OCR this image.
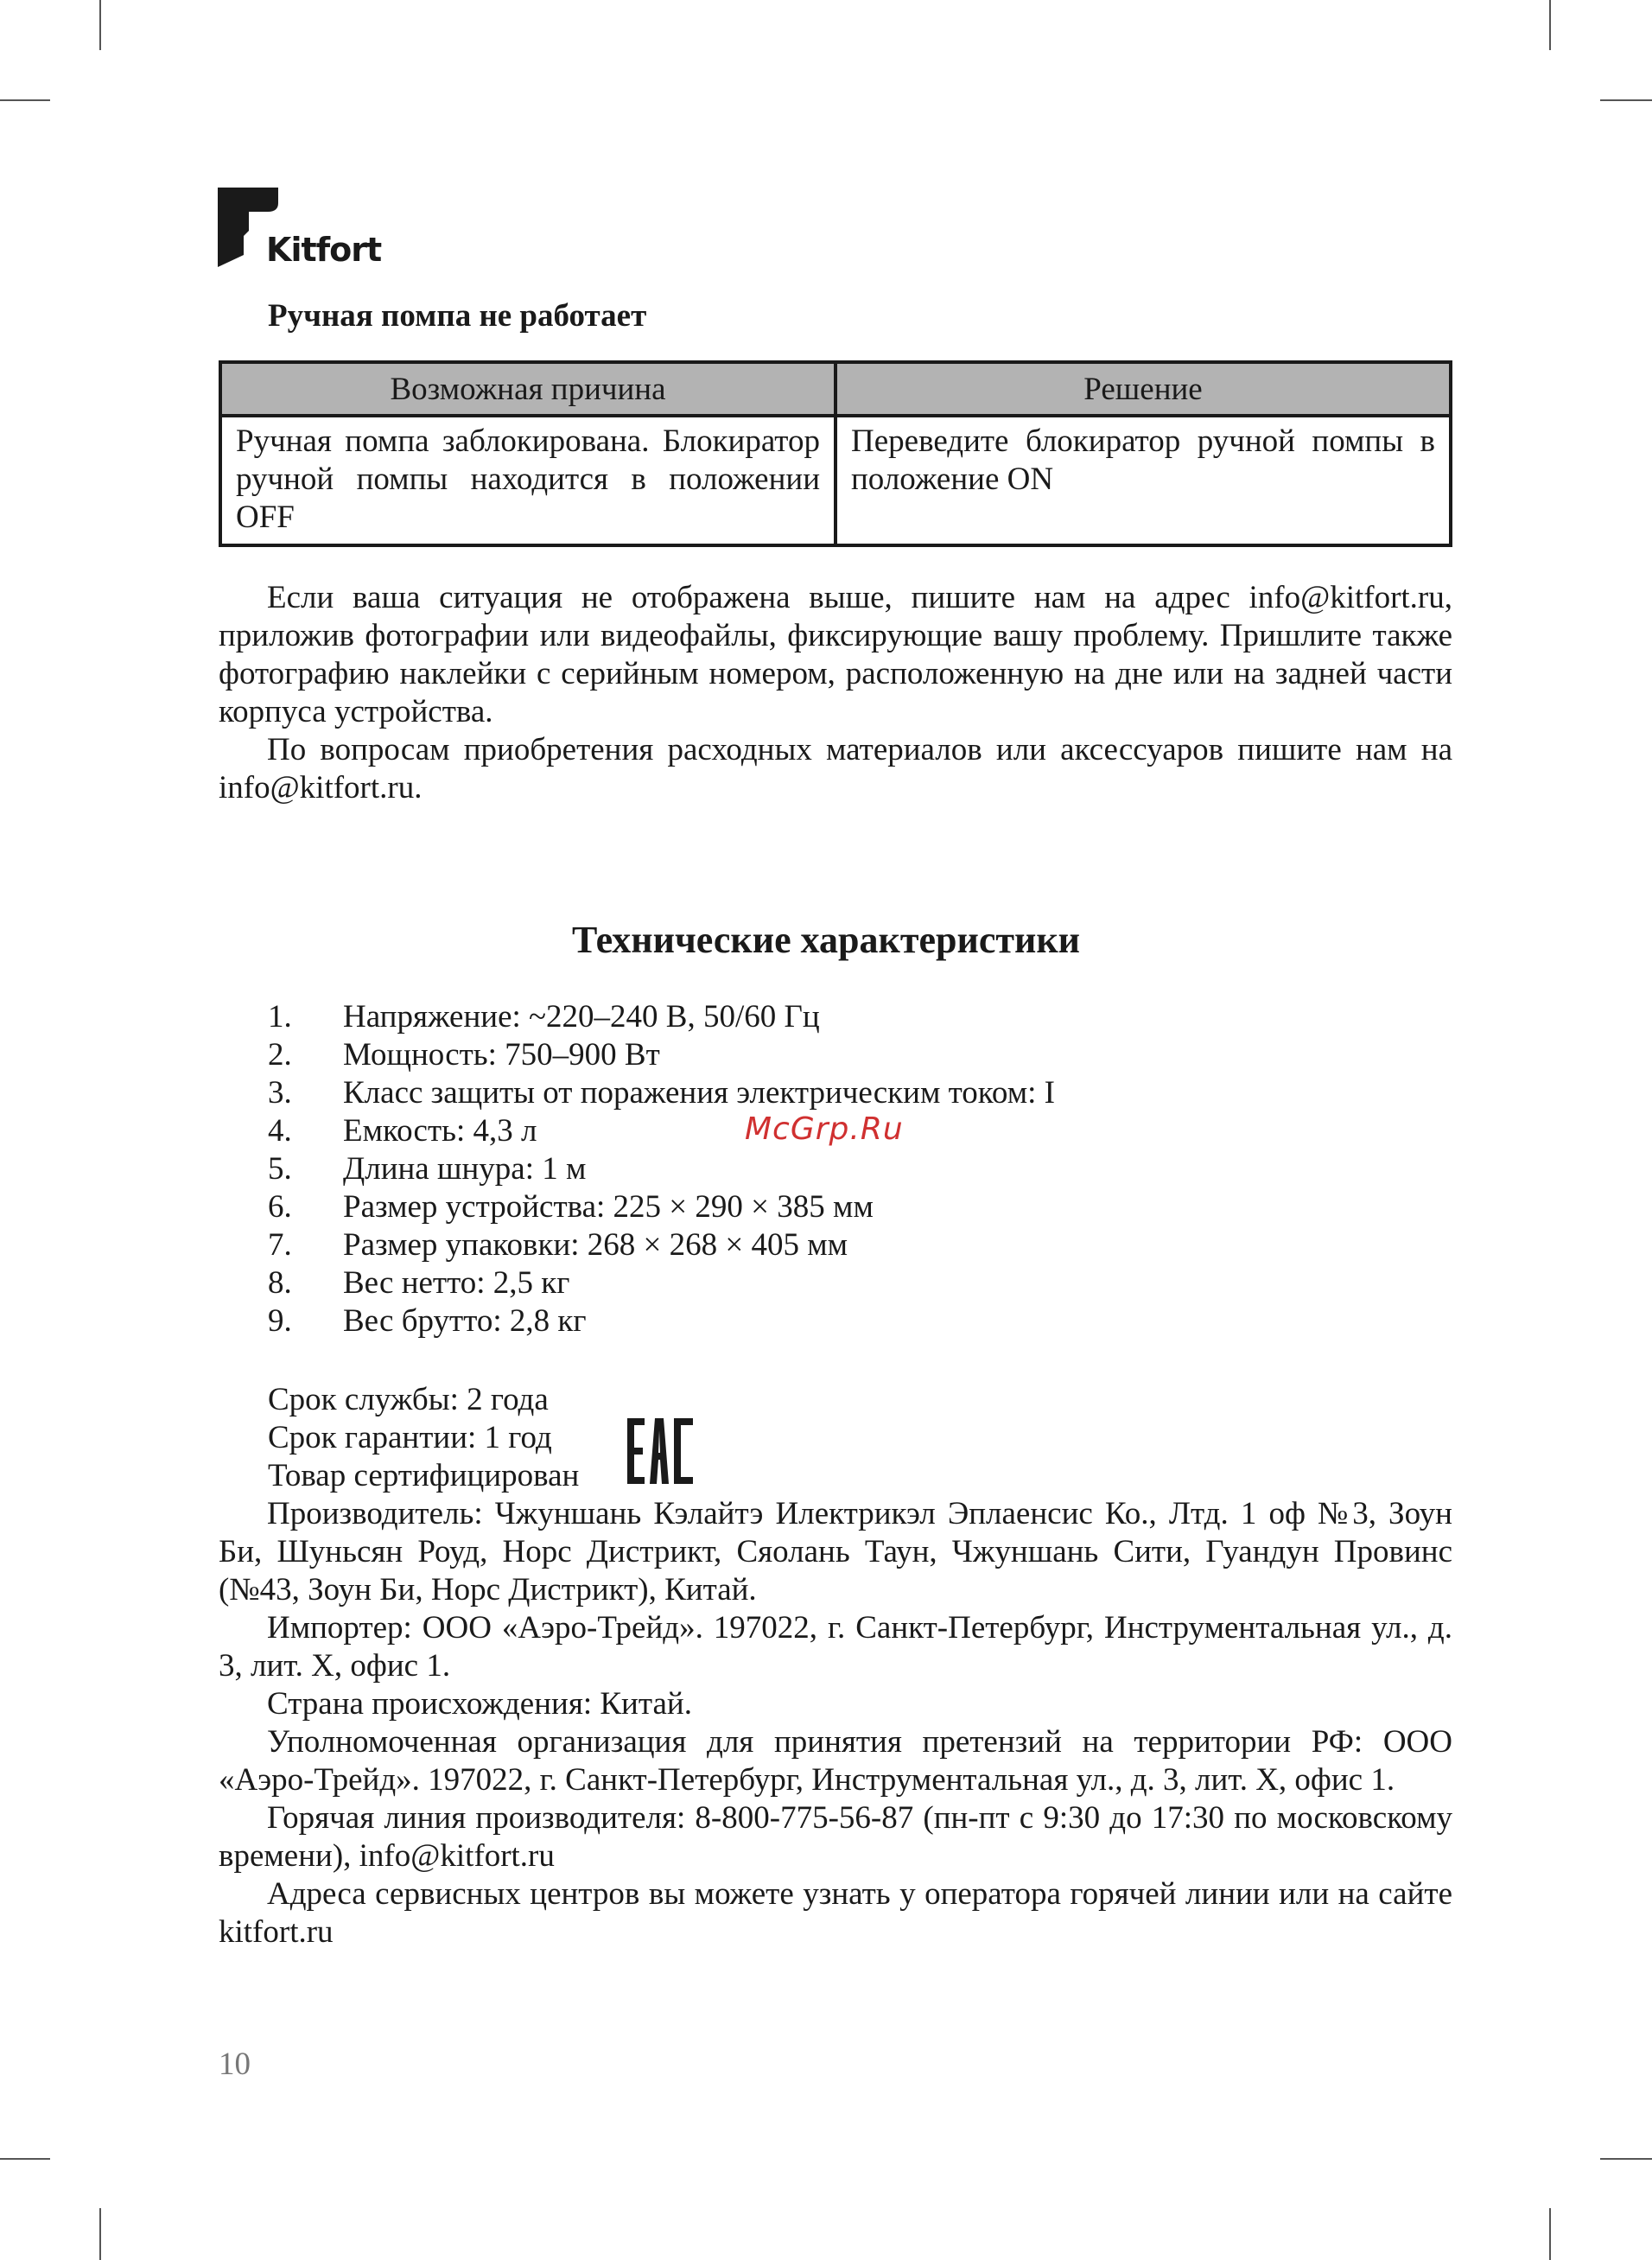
Kitfort
Ручная помпа не работает
Возможная причина	Решение
Ручная помпа заблокирована. Блокиратор ручной помпы находится в положении OFF	Переведите блокиратор ручной помпы в положение ON

Если ваша ситуация не отображена выше, пишите нам на адрес info@kitfort.ru, приложив фотографии или видеофайлы, фиксирующие вашу проблему. Пришлите также фотографию наклейки с серийным номером, расположенную на дне или на задней части корпуса устройства.

По вопросам приобретения расходных материалов или аксессуаров пишите нам на info@kitfort.ru.

Технические характеристики
1.	Напряжение: ~220–240 В, 50/60 Гц
2.	Мощность: 750–900 Вт
3.	Класс защиты от поражения электрическим током: I
4.	Емкость: 4,3 л
5.	Длина шнура: 1 м
6.	Размер устройства: 225 × 290 × 385 мм
7.	Размер упаковки: 268 × 268 × 405 мм
8.	Вес нетто: 2,5 кг
9.	Вес брутто: 2,8 кг

McGrp.Ru

Срок службы: 2 года

Срок гарантии: 1 год

Товар сертифицирован

Производитель: Чжуншань Кэлайтэ Илектрикэл Эплаенсис Ко., Лтд. 1 оф №3, Зоун Би, Шуньсян Роуд, Норс Дистрикт, Сяолань Таун, Чжуншань Сити, Гуандун Провинс (№43, Зоун Би, Норс Дистрикт), Китай.

Импортер: ООО «Аэро-Трейд». 197022, г. Санкт-Петербург, Инструментальная ул., д. 3, лит. Х, офис 1.

Страна происхождения: Китай.

Уполномоченная организация для принятия претензий на территории РФ: ООО «Аэро-Трейд». 197022, г. Санкт-Петербург, Инструментальная ул., д. 3, лит. Х, офис 1.

Горячая линия производителя: 8-800-775-56-87 (пн-пт с 9:30 до 17:30 по московскому времени), info@kitfort.ru

Адреса сервисных центров вы можете узнать у оператора горячей линии или на сайте kitfort.ru

10
